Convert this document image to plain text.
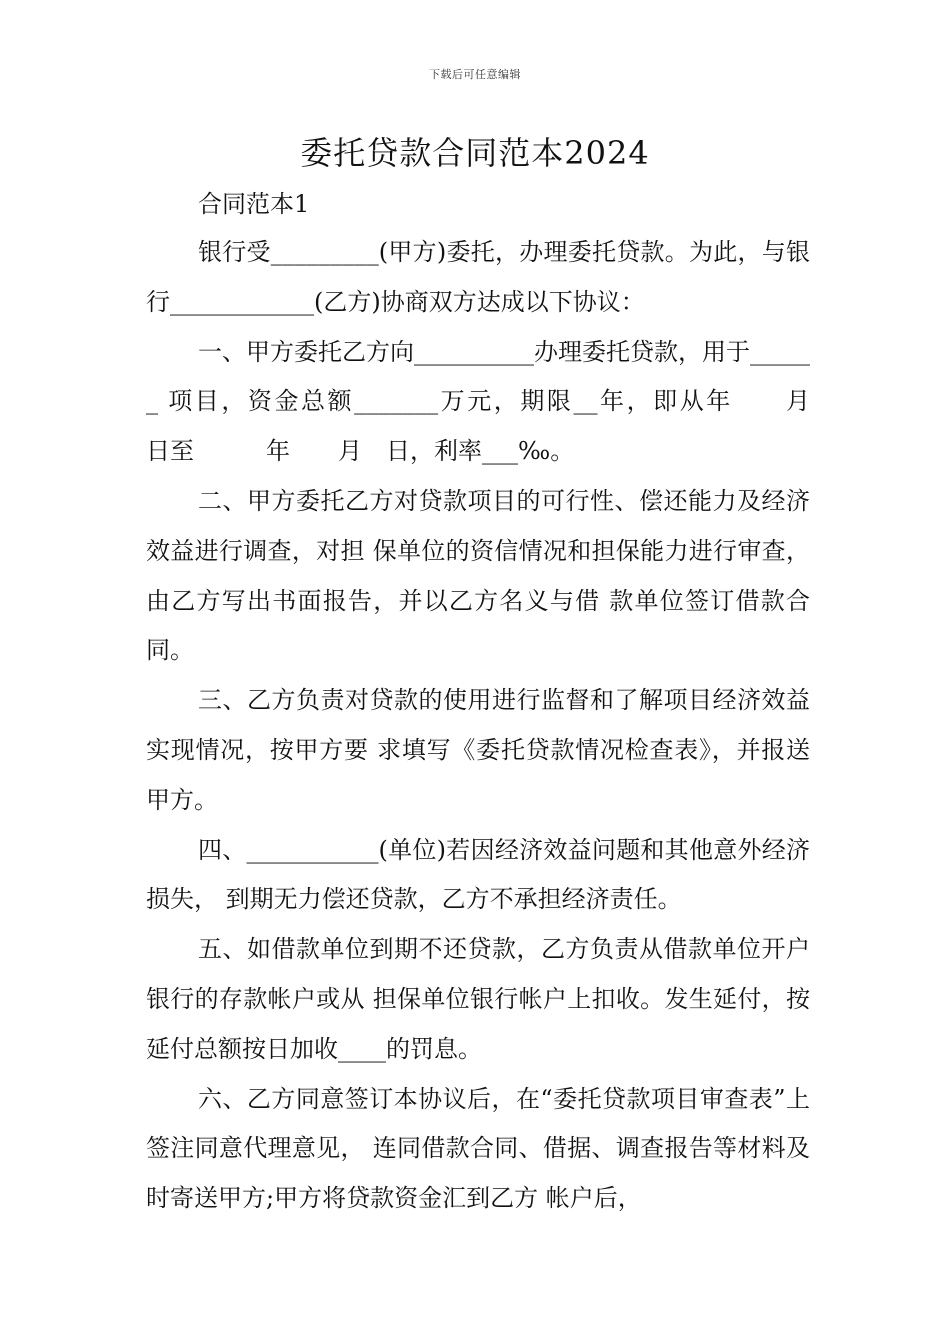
下载后可任意编辑
委托贷款合同范本2024

合同范本1

银行受_________(甲方)委托，办理委托贷款。为此，与银行____________(乙方)协商双方达成以下协议：

一、甲方委托乙方向__________办理委托贷款，用于______ 项目，资金总额_______万元，期限__年，即从年　　月　　日至　　　年　　月　日，利率___‰。

二、甲方委托乙方对贷款项目的可行性、偿还能力及经济效益进行调查，对担 保单位的资信情况和担保能力进行审查，由乙方写出书面报告，并以乙方名义与借 款单位签订借款合同。

三、乙方负责对贷款的使用进行监督和了解项目经济效益实现情况，按甲方要 求填写《委托贷款情况检查表》，并报送甲方。

四、___________(单位)若因经济效益问题和其他意外经济损失， 到期无力偿还贷款，乙方不承担经济责任。

五、如借款单位到期不还贷款，乙方负责从借款单位开户银行的存款帐户或从 担保单位银行帐户上扣收。发生延付，按延付总额按日加收____的罚息。

六、乙方同意签订本协议后，在“委托贷款项目审查表”上签注同意代理意见， 连同借款合同、借据、调查报告等材料及时寄送甲方;甲方将贷款资金汇到乙方 帐户后，
